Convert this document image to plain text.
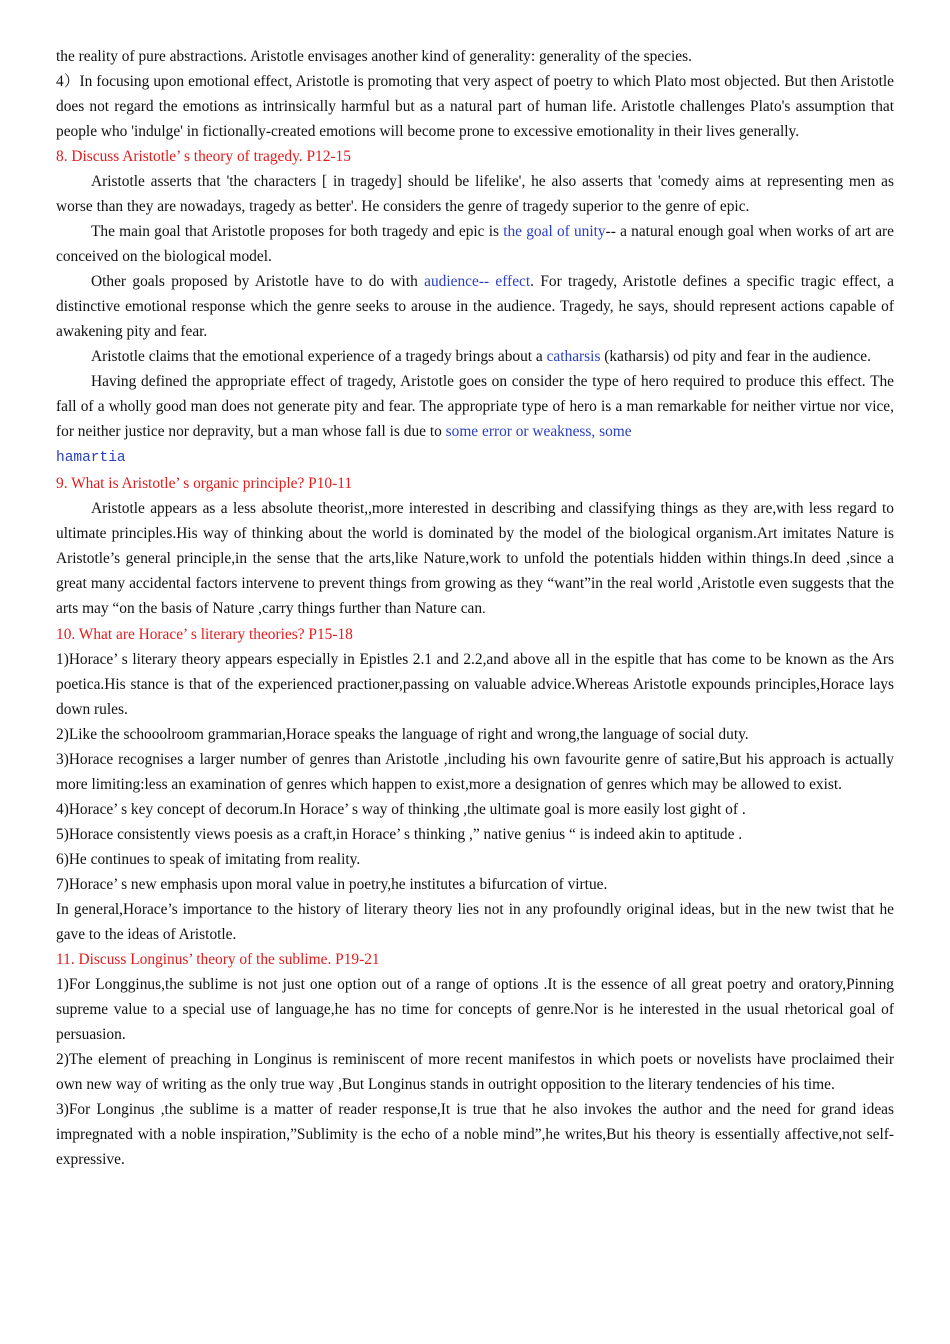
the reality of pure abstractions. Aristotle envisages another kind of generality: generality of the species.

4）In focusing upon emotional effect, Aristotle is promoting that very aspect of poetry to which Plato most objected. But then Aristotle does not regard the emotions as intrinsically harmful but as a natural part of human life. Aristotle challenges Plato's assumption that people who 'indulge' in fictionally-created emotions will become prone to excessive emotionality in their lives generally.

8. Discuss Aristotle’ s theory of tragedy. P12-15

Aristotle asserts that 'the characters [ in tragedy] should be lifelike', he also asserts that 'comedy aims at representing men as worse than they are nowadays, tragedy as better'. He considers the genre of tragedy superior to the genre of epic.

The main goal that Aristotle proposes for both tragedy and epic is the goal of unity-- a natural enough goal when works of art are conceived on the biological model.

Other goals proposed by Aristotle have to do with audience-- effect. For tragedy, Aristotle defines a specific tragic effect, a distinctive emotional response which the genre seeks to arouse in the audience. Tragedy, he says, should represent actions capable of awakening pity and fear.

Aristotle claims that the emotional experience of a tragedy brings about a catharsis (katharsis) od pity and fear in the audience.

Having defined the appropriate effect of tragedy, Aristotle goes on consider the type of hero required to produce this effect. The fall of a wholly good man does not generate pity and fear. The appropriate type of hero is a man remarkable for neither virtue nor vice, for neither justice nor depravity, but a man whose fall is due to some error or weakness, some
hamartia

9. What is Aristotle’ s organic principle? P10-11

Aristotle appears as a less absolute theorist,,more interested in describing and classifying things as they are,with less regard to ultimate principles.His way of thinking about the world is dominated by the model of the biological organism.Art imitates Nature is Aristotle’s general principle,in the sense that the arts,like Nature,work to unfold the potentials hidden within things.In deed ,since a great many accidental factors intervene to prevent things from growing as they “want”in the real world ,Aristotle even suggests that the arts may “on the basis of Nature ,carry things further than Nature can.

10. What are Horace’ s literary theories? P15-18

1)Horace’ s literary theory appears especially in Epistles 2.1 and 2.2,and above all in the espitle that has come to be known as the Ars poetica.His stance is that of the experienced practioner,passing on valuable advice.Whereas Aristotle expounds principles,Horace lays down rules.

2)Like the schooolroom grammarian,Horace speaks the language of right and wrong,the language of social duty.

3)Horace recognises a larger number of genres than Aristotle ,including his own favourite genre of satire,But his approach is actually more limiting:less an examination of genres which happen to exist,more a designation of genres which may be allowed to exist.

4)Horace’ s key concept of decorum.In Horace’ s way of thinking ,the ultimate goal is more easily lost gight of .

5)Horace consistently views poesis as a craft,in Horace’ s thinking ,” native genius “ is indeed akin to aptitude .

6)He continues to speak of imitating from reality.

7)Horace’ s new emphasis upon moral value in poetry,he institutes a bifurcation of virtue.

In general,Horace’s importance to the history of literary theory lies not in any profoundly original ideas, but in the new twist that he gave to the ideas of Aristotle.

11. Discuss Longinus’ theory of the sublime. P19-21

1)For Longginus,the sublime is not just one option out of a range of options .It is the essence of all great poetry and oratory,Pinning supreme value to a special use of language,he has no time for concepts of genre.Nor is he interested in the usual rhetorical goal of persuasion.

2)The element of preaching in Longinus is reminiscent of more recent manifestos in which poets or novelists have proclaimed their own new way of writing as the only true way ,But Longinus stands in outright opposition to the literary tendencies of his time.

3)For Longinus ,the sublime is a matter of reader response,It is true that he also invokes the author and the need for grand ideas impregnated with a noble inspiration,”Sublimity is the echo of a noble mind”,he writes,But his theory is essentially affective,not self-expressive.
